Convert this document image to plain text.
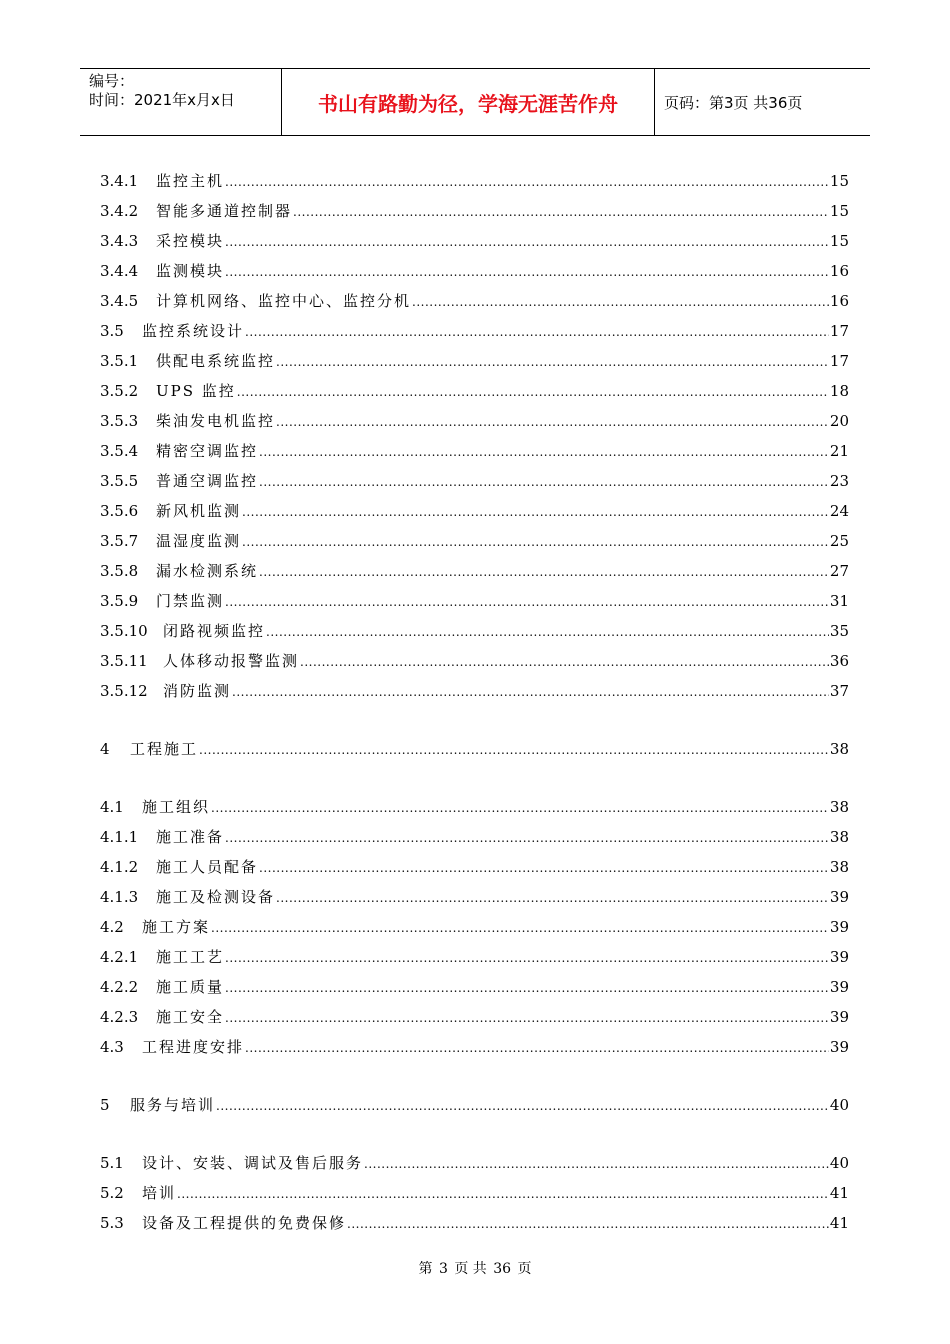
编号：
时间：2021年x月x日	书山有路勤为径，学海无涯苦作舟	页码：第3页 共36页
3.4.1	监控主机 .....	15
3.4.2	智能多通道控制器 .....	15
3.4.3	采控模块 .....	15
3.4.4	监测模块 .....	16
3.4.5	计算机网络、监控中心、监控分机 .....	16
3.5	监控系统设计 .....	17
3.5.1	供配电系统监控 .....	17
3.5.2	UPS 监控 .....	18
3.5.3	柴油发电机监控 .....	20
3.5.4	精密空调监控 .....	21
3.5.5	普通空调监控 .....	23
3.5.6	新风机监测 .....	24
3.5.7	温湿度监测 .....	25
3.5.8	漏水检测系统 .....	27
3.5.9	门禁监测 .....	31
3.5.10	闭路视频监控 .....	35
3.5.11	人体移动报警监测 .....	36
3.5.12	消防监测 .....	37
4	工程施工 .....	38
4.1	施工组织 .....	38
4.1.1	施工准备 .....	38
4.1.2	施工人员配备 .....	38
4.1.3	施工及检测设备 .....	39
4.2	施工方案 .....	39
4.2.1	施工工艺 .....	39
4.2.2	施工质量 .....	39
4.2.3	施工安全 .....	39
4.3	工程进度安排 .....	39
5	服务与培训 .....	40
5.1	设计、安装、调试及售后服务 .....	40
5.2	培训 .....	41
5.3	设备及工程提供的免费保修 .....	41
第 3 页 共 36 页
